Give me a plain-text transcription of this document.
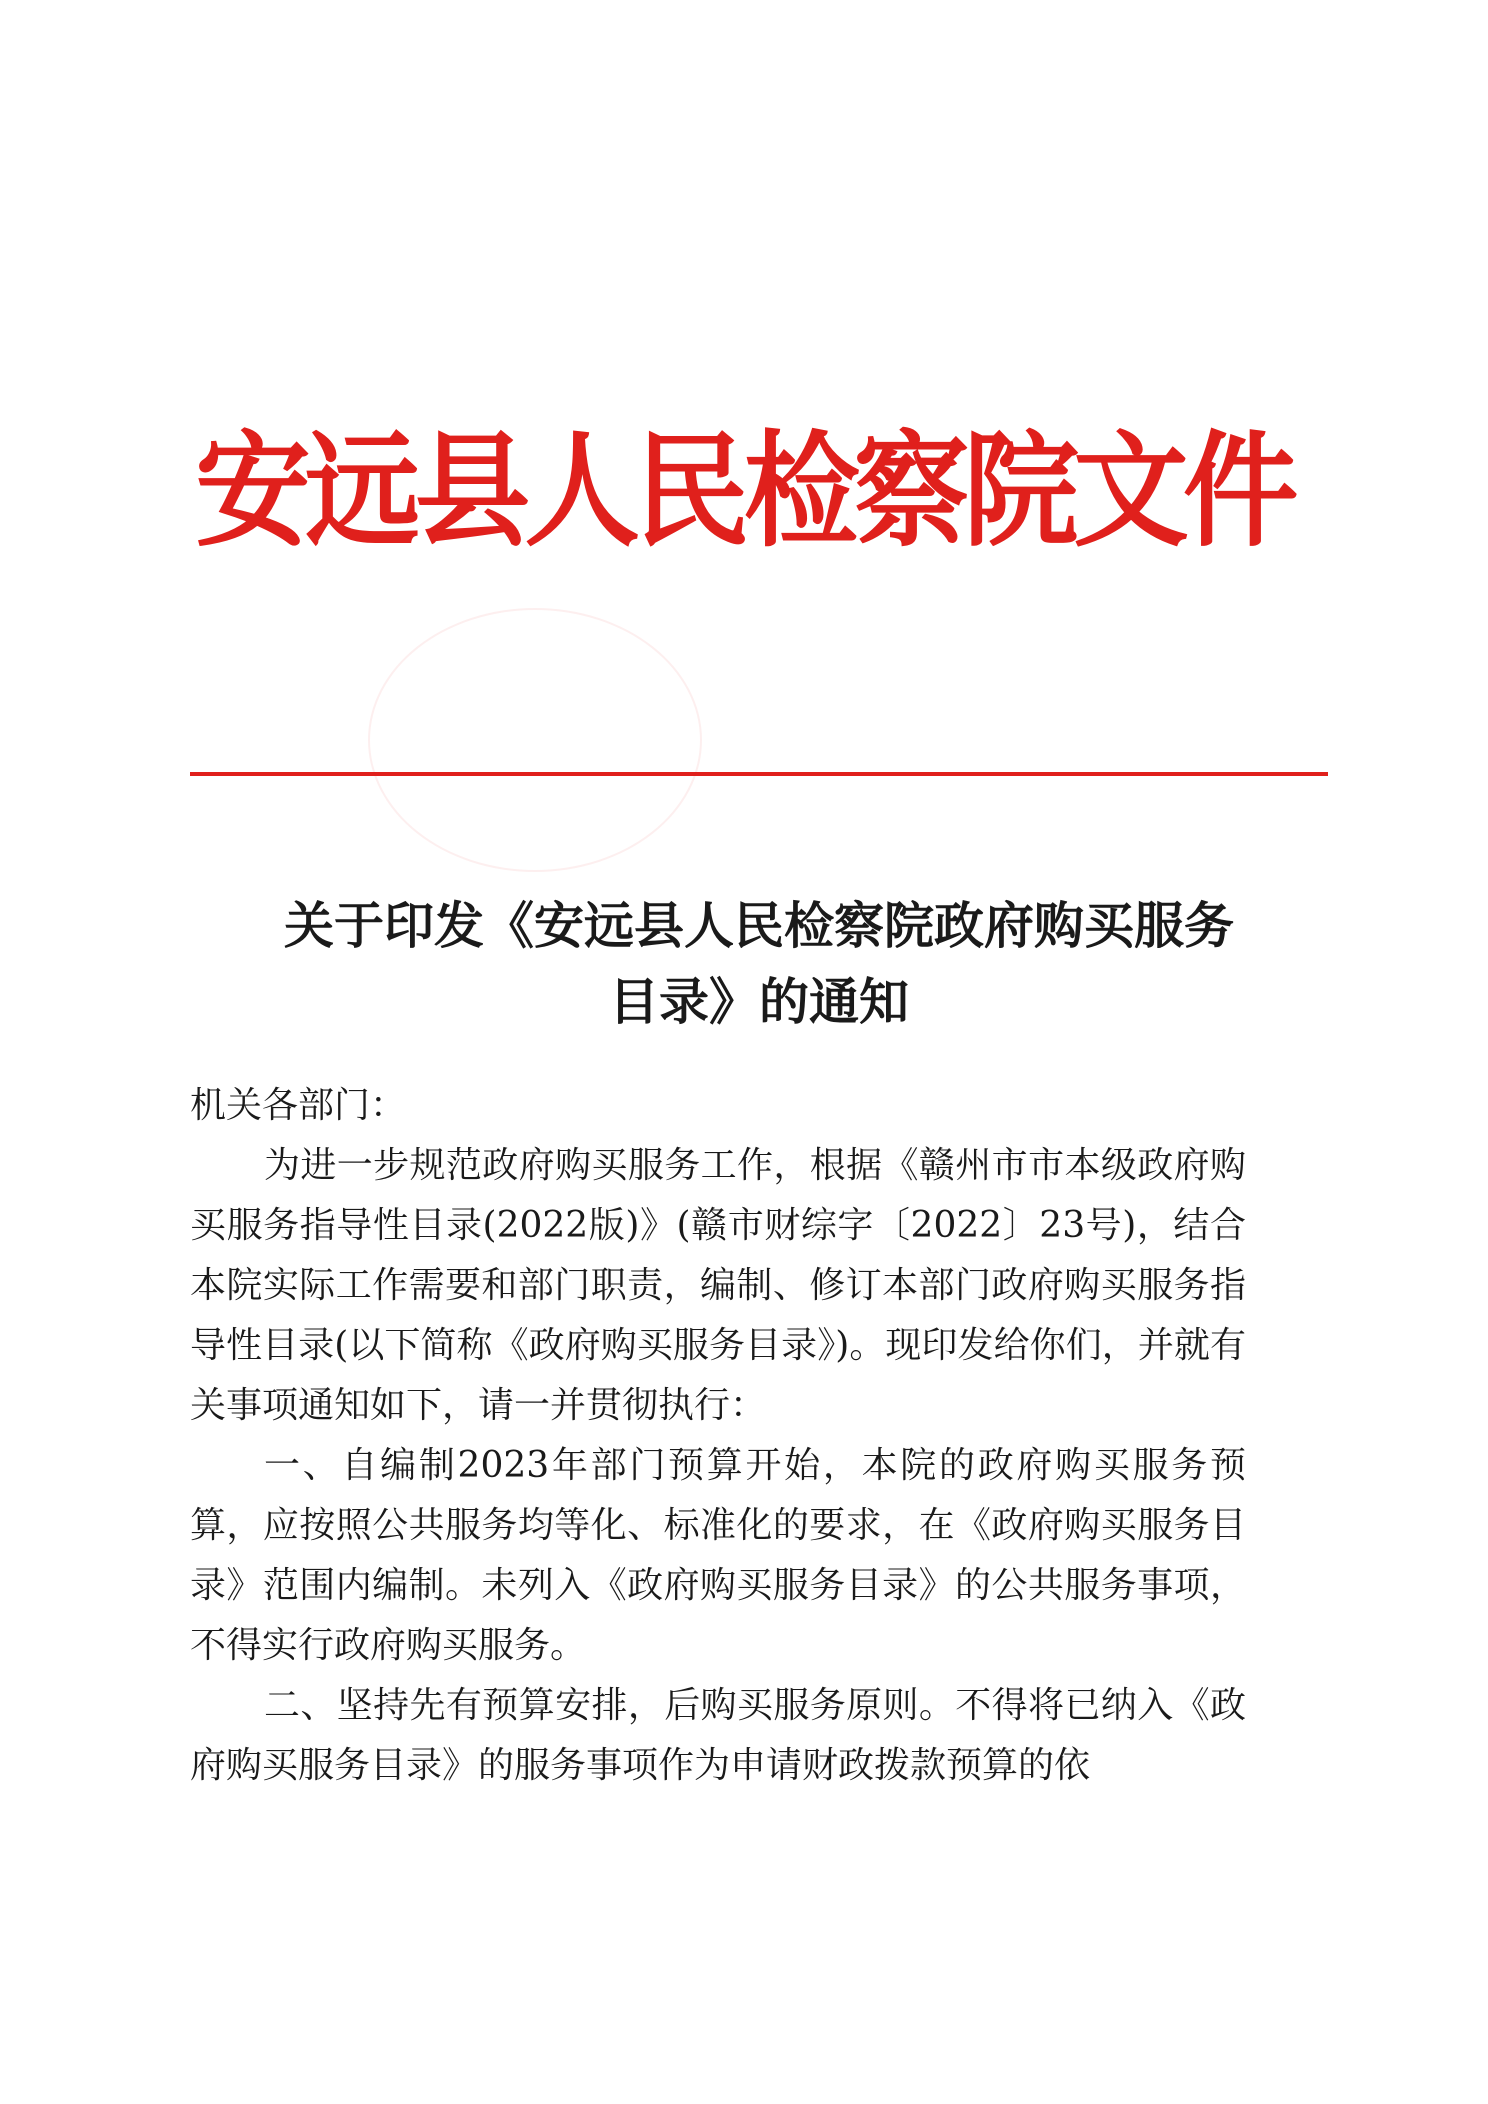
安远县人民检察院文件
关于印发《安远县人民检察院政府购买服务
目录》的通知

机关各部门：

为进一步规范政府购买服务工作，根据《赣州市市本级政府购买服务指导性目录(2022版)》(赣市财综字〔2022〕23号)，结合本院实际工作需要和部门职责，编制、修订本部门政府购买服务指导性目录(以下简称《政府购买服务目录》)。现印发给你们，并就有关事项通知如下，请一并贯彻执行：

一、自编制2023年部门预算开始，本院的政府购买服务预算，应按照公共服务均等化、标准化的要求，在《政府购买服务目录》范围内编制。未列入《政府购买服务目录》的公共服务事项，不得实行政府购买服务。

二、坚持先有预算安排，后购买服务原则。不得将已纳入《政府购买服务目录》的服务事项作为申请财政拨款预算的依
